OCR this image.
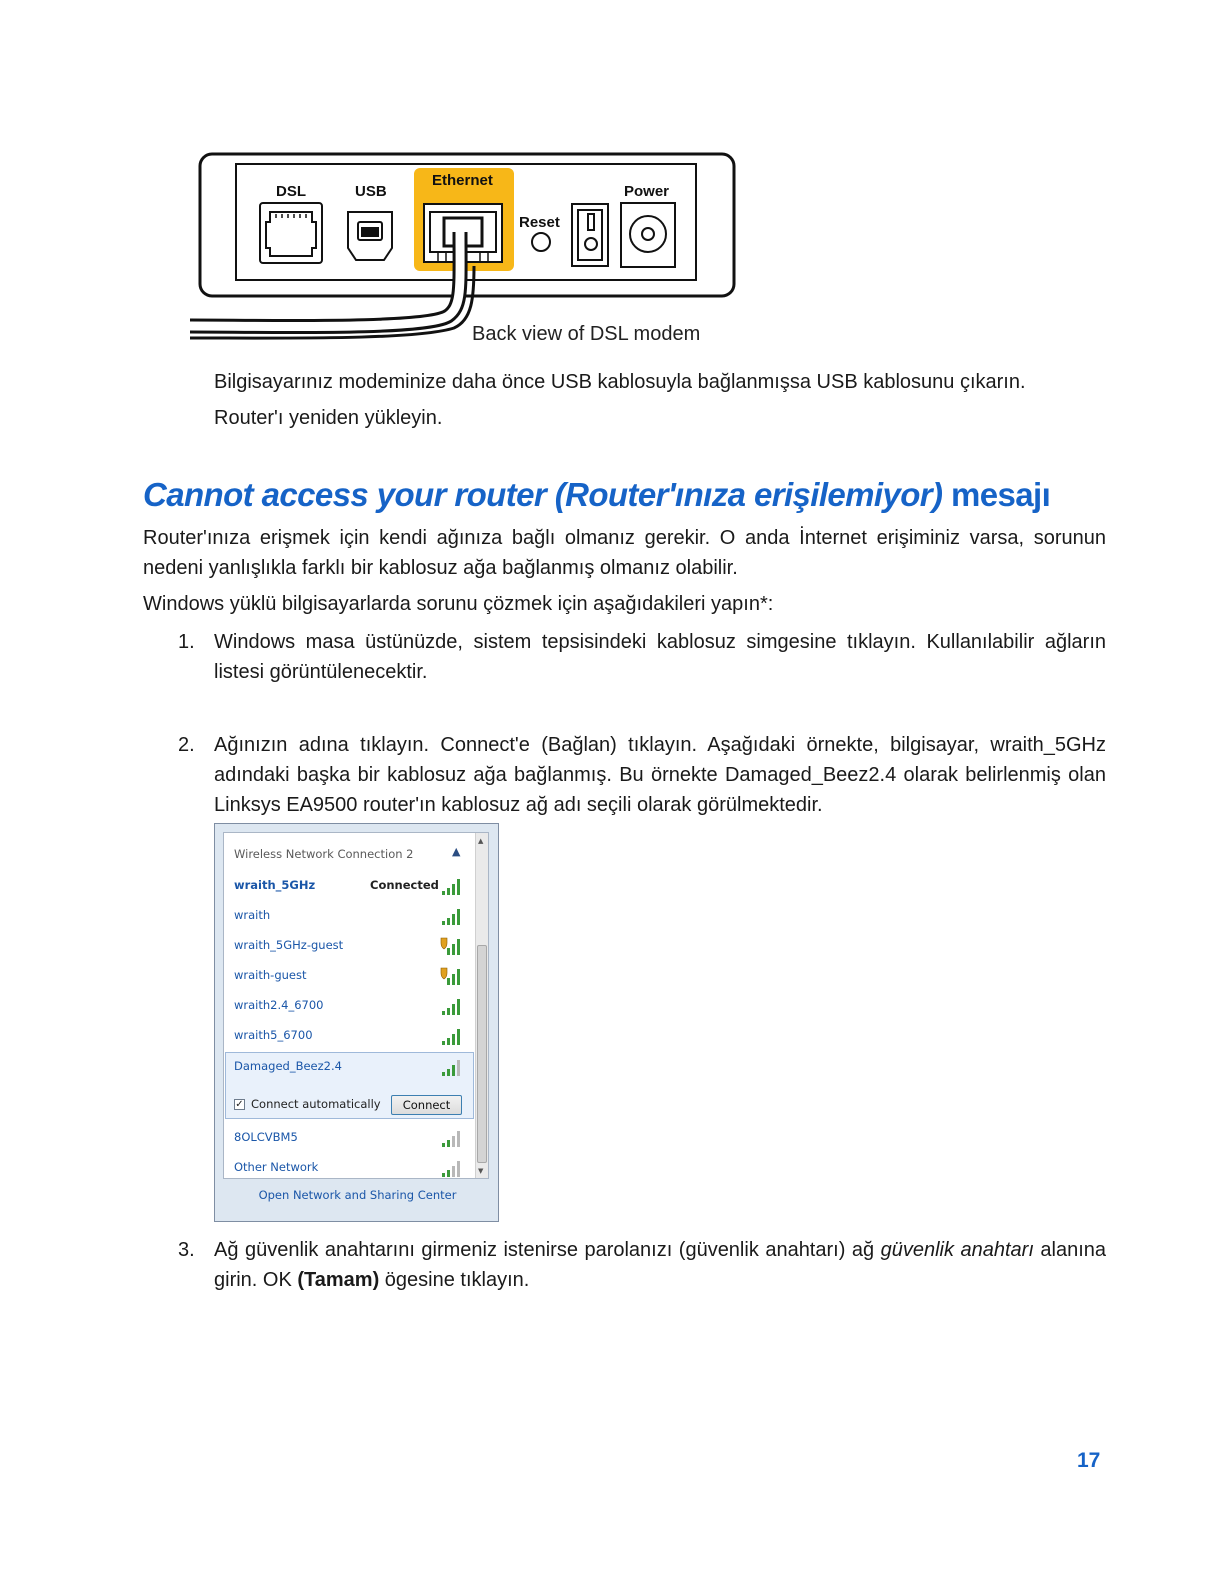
DSL	USB
Ethernet
Reset
Power
Back view of DSL modem

Bilgisayarınız modeminize daha önce USB kablosuyla bağlanmışsa USB kablosunu çıkarın.

Router'ı yeniden yükleyin.

Cannot access your router (Router'ınıza erişilemiyor) mesajı

Router'ınıza erişmek için kendi ağınıza bağlı olmanız gerekir. O anda İnternet erişiminiz varsa, sorunun nedeni yanlışlıkla farklı bir kablosuz ağa bağlanmış olmanız olabilir.

Windows yüklü bilgisayarlarda sorunu çözmek için aşağıdakileri yapın*:

1. Windows masa üstünüzde, sistem tepsisindeki kablosuz simgesine tıklayın. Kullanılabilir ağların listesi görüntülenecektir.

2. Ağınızın adına tıklayın. Connect'e (Bağlan) tıklayın. Aşağıdaki örnekte, bilgisayar, wraith_5GHz adındaki başka bir kablosuz ağa bağlanmış. Bu örnekte Damaged_Beez2.4 olarak belirlenmiş olan Linksys EA9500 router'ın kablosuz ağ adı seçili olarak görülmektedir.

Wireless Network Connection 2	▲
wraith_5GHz	Connected
wraith
wraith_5GHz-guest
wraith-guest
wraith2.4_6700
wraith5_6700
Damaged_Beez2.4
✓ Connect automatically	Connect
8OLCVBM5
Other Network
▲
▼
Open Network and Sharing Center
3. Ağ güvenlik anahtarını girmeniz istenirse parolanızı (güvenlik anahtarı) ağ güvenlik anahtarı alanına girin. OK (Tamam) ögesine tıklayın.

17
